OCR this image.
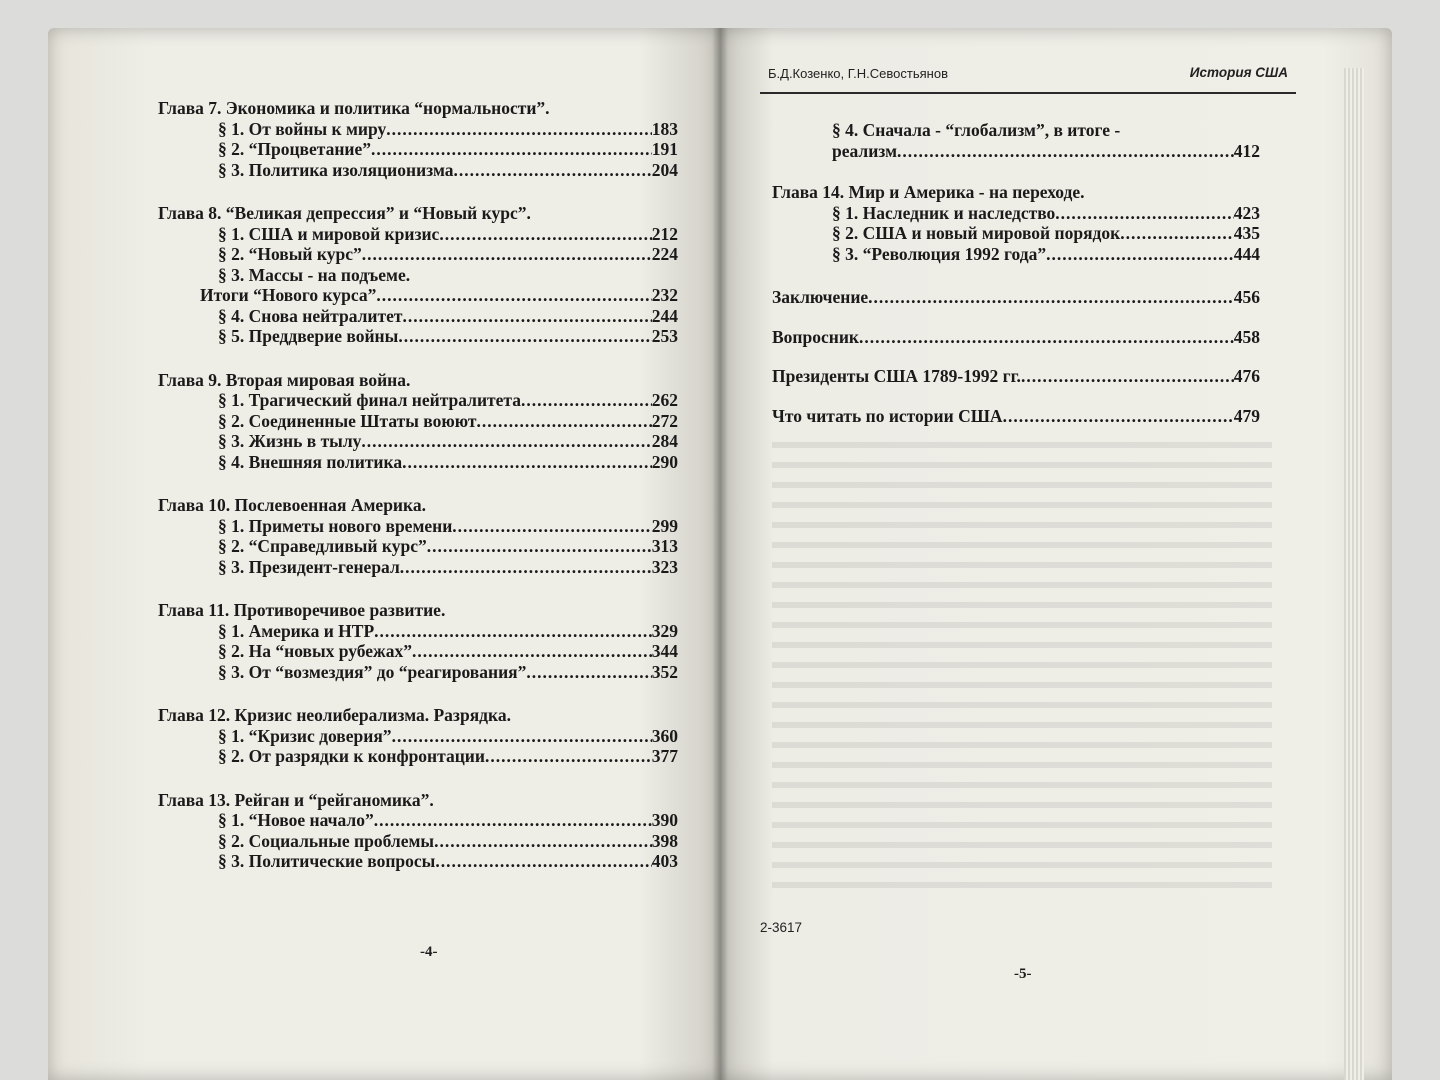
Глава 7. Экономика и политика “нормальности”.
§ 1. От войны к миру .....	183
§ 2. “Процветание” .....	191
§ 3. Политика изоляционизма .....	204
Глава 8. “Великая депрессия” и “Новый курс”.
§ 1. США и мировой кризис .....	212
§ 2. “Новый курс” .....	224
§ 3. Массы - на подъеме.
Итоги “Нового курса” .....	232
§ 4. Снова нейтралитет .....	244
§ 5. Преддверие войны .....	253
Глава 9. Вторая мировая война.
§ 1. Трагический финал нейтралитета .....	262
§ 2. Соединенные Штаты воюют .....	272
§ 3. Жизнь в тылу .....	284
§ 4. Внешняя политика .....	290
Глава 10. Послевоенная Америка.
§ 1. Приметы нового времени .....	299
§ 2. “Справедливый курс” .....	313
§ 3. Президент-генерал .....	323
Глава 11. Противоречивое развитие.
§ 1. Америка и НТР .....	329
§ 2. На “новых рубежах” .....	344
§ 3. От “возмездия” до “реагирования” .....	352
Глава 12. Кризис неолиберализма. Разрядка.
§ 1. “Кризис доверия” .....	360
§ 2. От разрядки к конфронтации .....	377
Глава 13. Рейган и “рейганомика”.
§ 1. “Новое начало” .....	390
§ 2. Социальные проблемы .....	398
§ 3. Политические вопросы .....	403
-4-
Б.Д.Козенко, Г.Н.Севостьянов	История США
§ 4. Сначала - “глобализм”, в итоге -
реализм .....	412
Глава 14. Мир и Америка - на переходе.
§ 1. Наследник и наследство .....	423
§ 2. США и новый мировой порядок .....	435
§ 3. “Революция 1992 года” .....	444
Заключение .....	456
Вопросник .....	458
Президенты США 1789-1992 гг. .....	476
Что читать по истории США .....	479
2-3617
-5-
